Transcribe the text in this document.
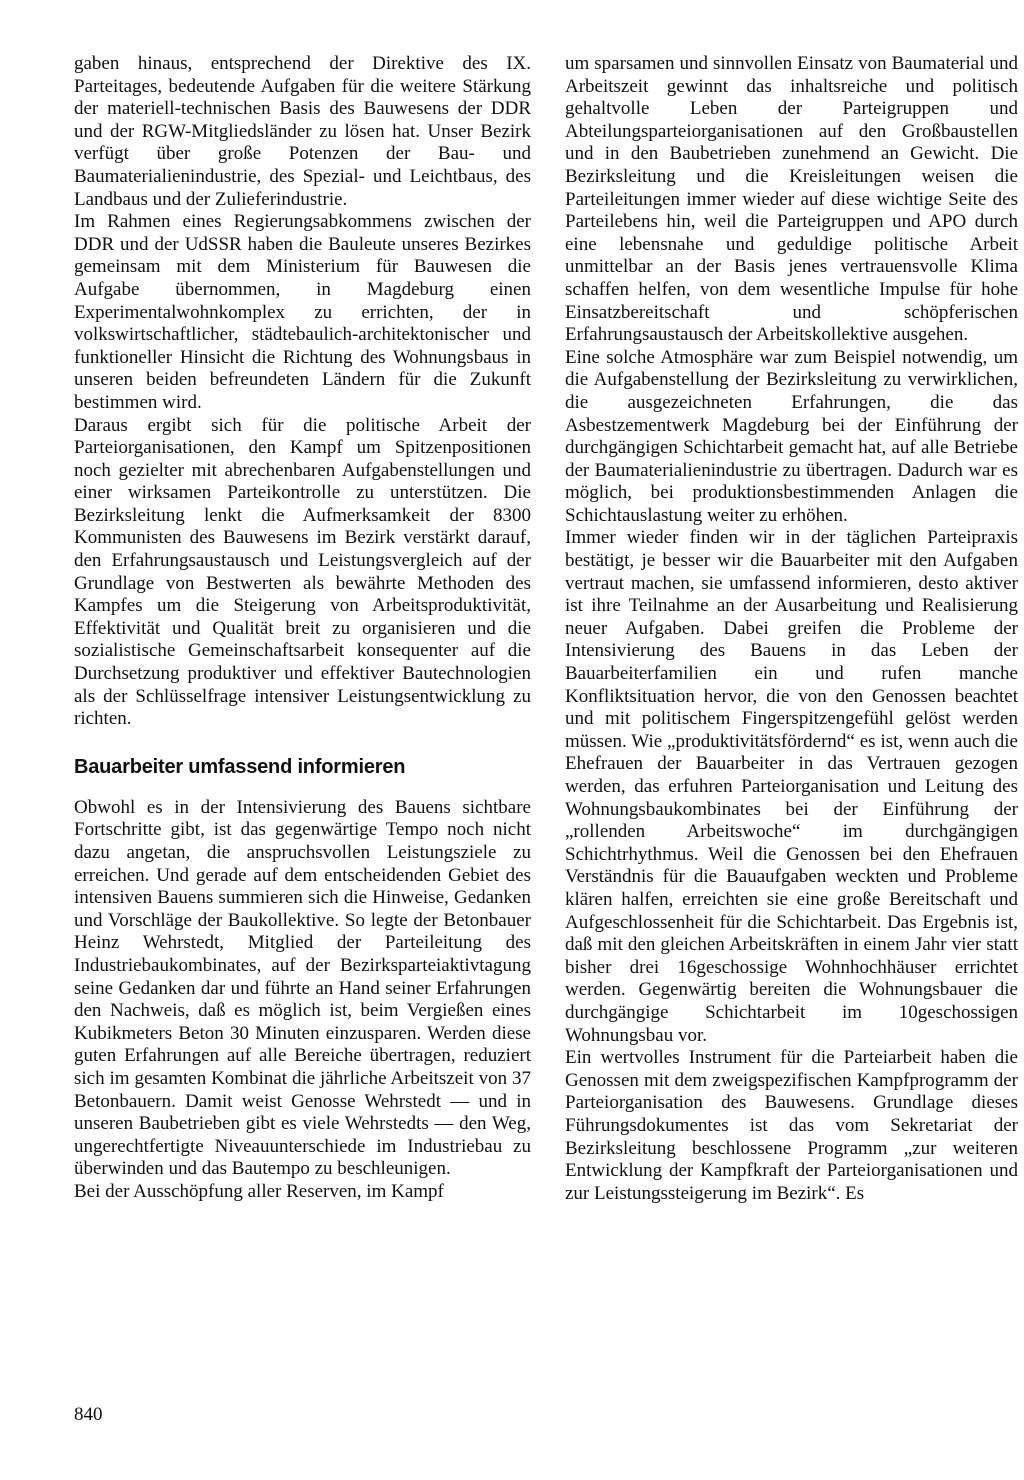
gaben hinaus, entsprechend der Direktive des IX. Parteitages, bedeutende Aufgaben für die weitere Stärkung der materiell-technischen Basis des Bauwesens der DDR und der RGW-Mitgliedsländer zu lösen hat. Unser Bezirk verfügt über große Potenzen der Bau- und Baumaterialienindustrie, des Spezial- und Leichtbaus, des Landbaus und der Zulieferindustrie.

Im Rahmen eines Regierungsabkommens zwischen der DDR und der UdSSR haben die Bauleute unseres Bezirkes gemeinsam mit dem Ministerium für Bauwesen die Aufgabe übernommen, in Magdeburg einen Experimentalwohnkomplex zu errichten, der in volkswirtschaftlicher, städtebaulich-architektonischer und funktioneller Hinsicht die Richtung des Wohnungsbaus in unseren beiden befreundeten Ländern für die Zukunft bestimmen wird.

Daraus ergibt sich für die politische Arbeit der Parteiorganisationen, den Kampf um Spitzenpositionen noch gezielter mit abrechenbaren Aufgabenstellungen und einer wirksamen Parteikontrolle zu unterstützen. Die Bezirksleitung lenkt die Aufmerksamkeit der 8300 Kommunisten des Bauwesens im Bezirk verstärkt darauf, den Erfahrungsaustausch und Leistungsvergleich auf der Grundlage von Bestwerten als bewährte Methoden des Kampfes um die Steigerung von Arbeitsproduktivität, Effektivität und Qualität breit zu organisieren und die sozialistische Gemeinschaftsarbeit konsequenter auf die Durchsetzung produktiver und effektiver Bautechnologien als der Schlüsselfrage intensiver Leistungsentwicklung zu richten.

Bauarbeiter umfassend informieren

Obwohl es in der Intensivierung des Bauens sichtbare Fortschritte gibt, ist das gegenwärtige Tempo noch nicht dazu angetan, die anspruchsvollen Leistungsziele zu erreichen. Und gerade auf dem entscheidenden Gebiet des intensiven Bauens summieren sich die Hinweise, Gedanken und Vorschläge der Baukollektive. So legte der Betonbauer Heinz Wehrstedt, Mitglied der Parteileitung des Industriebaukombinates, auf der Bezirksparteiaktivtagung seine Gedanken dar und führte an Hand seiner Erfahrungen den Nachweis, daß es möglich ist, beim Vergießen eines Kubikmeters Beton 30 Minuten einzusparen. Werden diese guten Erfahrungen auf alle Bereiche übertragen, reduziert sich im gesamten Kombinat die jährliche Arbeitszeit von 37 Betonbauern. Damit weist Genosse Wehrstedt — und in unseren Baubetrieben gibt es viele Wehrstedts — den Weg, ungerechtfertigte Niveauunterschiede im Industriebau zu überwinden und das Bautempo zu beschleunigen.

Bei der Ausschöpfung aller Reserven, im Kampf

um sparsamen und sinnvollen Einsatz von Baumaterial und Arbeitszeit gewinnt das inhaltsreiche und politisch gehaltvolle Leben der Parteigruppen und Abteilungsparteiorganisationen auf den Großbaustellen und in den Baubetrieben zunehmend an Gewicht. Die Bezirksleitung und die Kreisleitungen weisen die Parteileitungen immer wieder auf diese wichtige Seite des Parteilebens hin, weil die Parteigruppen und APO durch eine lebensnahe und geduldige politische Arbeit unmittelbar an der Basis jenes vertrauensvolle Klima schaffen helfen, von dem wesentliche Impulse für hohe Einsatzbereitschaft und schöpferischen Erfahrungsaustausch der Arbeitskollektive ausgehen.

Eine solche Atmosphäre war zum Beispiel notwendig, um die Aufgabenstellung der Bezirksleitung zu verwirklichen, die ausgezeichneten Erfahrungen, die das Asbestzementwerk Magdeburg bei der Einführung der durchgängigen Schichtarbeit gemacht hat, auf alle Betriebe der Baumaterialienindustrie zu übertragen. Dadurch war es möglich, bei produktionsbestimmenden Anlagen die Schichtauslastung weiter zu erhöhen.

Immer wieder finden wir in der täglichen Parteipraxis bestätigt, je besser wir die Bauarbeiter mit den Aufgaben vertraut machen, sie umfassend informieren, desto aktiver ist ihre Teilnahme an der Ausarbeitung und Realisierung neuer Aufgaben. Dabei greifen die Probleme der Intensivierung des Bauens in das Leben der Bauarbeiterfamilien ein und rufen manche Konfliktsituation hervor, die von den Genossen beachtet und mit politischem Fingerspitzengefühl gelöst werden müssen. Wie „produktivitätsfördernd“ es ist, wenn auch die Ehefrauen der Bauarbeiter in das Vertrauen gezogen werden, das erfuhren Parteiorganisation und Leitung des Wohnungsbaukombinates bei der Einführung der „rollenden Arbeitswoche“ im durchgängigen Schichtrhythmus. Weil die Genossen bei den Ehefrauen Verständnis für die Bauaufgaben weckten und Probleme klären halfen, erreichten sie eine große Bereitschaft und Aufgeschlossenheit für die Schichtarbeit. Das Ergebnis ist, daß mit den gleichen Arbeitskräften in einem Jahr vier statt bisher drei 16geschossige Wohnhochhäuser errichtet werden. Gegenwärtig bereiten die Wohnungsbauer die durchgängige Schichtarbeit im 10geschossigen Wohnungsbau vor.

Ein wertvolles Instrument für die Parteiarbeit haben die Genossen mit dem zweigspezifischen Kampfprogramm der Parteiorganisation des Bauwesens. Grundlage dieses Führungsdokumentes ist das vom Sekretariat der Bezirksleitung beschlossene Programm „zur weiteren Entwicklung der Kampfkraft der Parteiorganisationen und zur Leistungssteigerung im Bezirk“. Es

840
